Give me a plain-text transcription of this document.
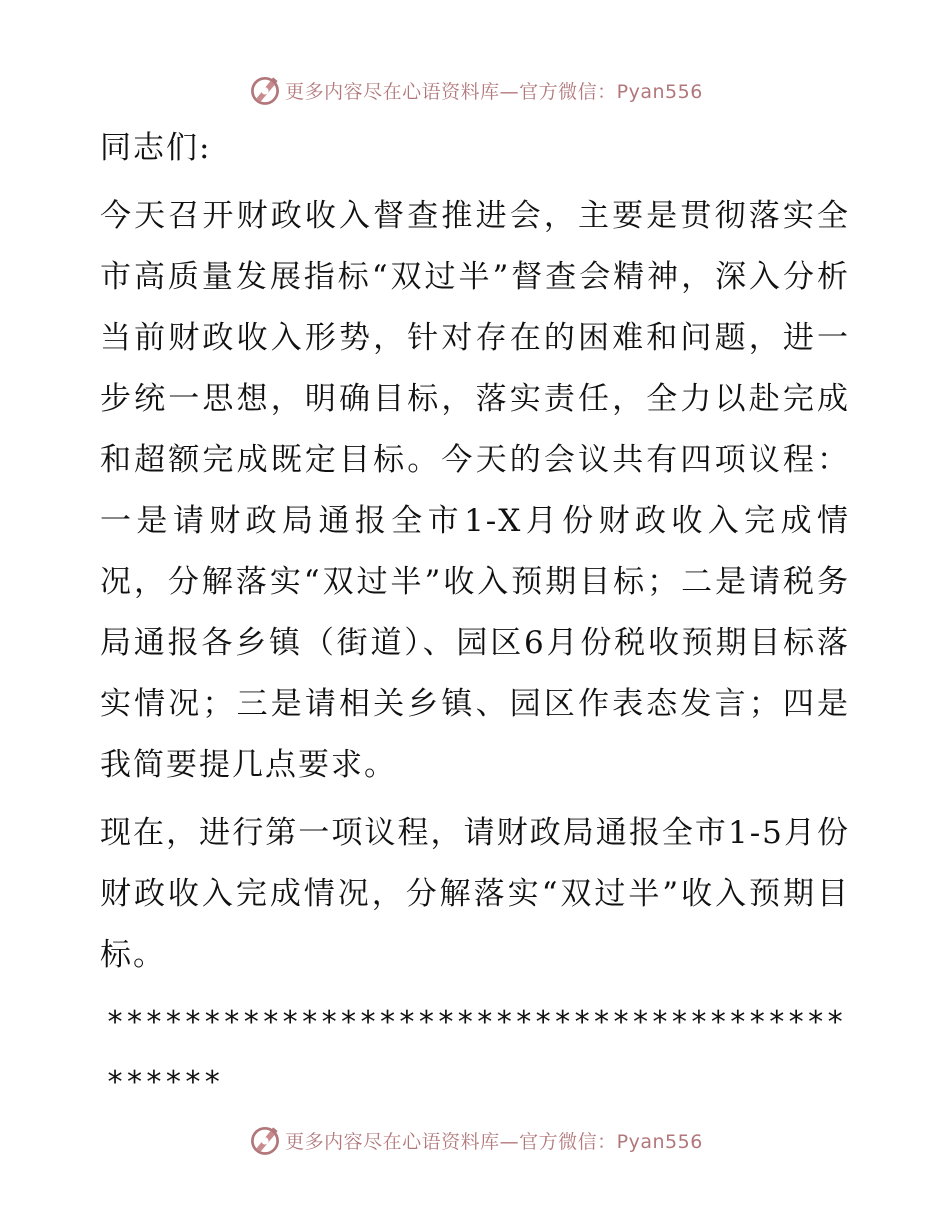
更多内容尽在心语资料库—官方微信：Pyan556

同志们:

今天召开财政收入督查推进会，主要是贯彻落实全市高质量发展指标“双过半”督查会精神，深入分析当前财政收入形势，针对存在的困难和问题，进一步统一思想，明确目标，落实责任，全力以赴完成和超额完成既定目标。今天的会议共有四项议程：一是请财政局通报全市1-X月份财政收入完成情况，分解落实“双过半”收入预期目标；二是请税务局通报各乡镇（街道）、园区6月份税收预期目标落实情况；三是请相关乡镇、园区作表态发言；四是我简要提几点要求。

现在，进行第一项议程，请财政局通报全市1-5月份财政收入完成情况，分解落实“双过半”收入预期目标。

********************************************

更多内容尽在心语资料库—官方微信：Pyan556
